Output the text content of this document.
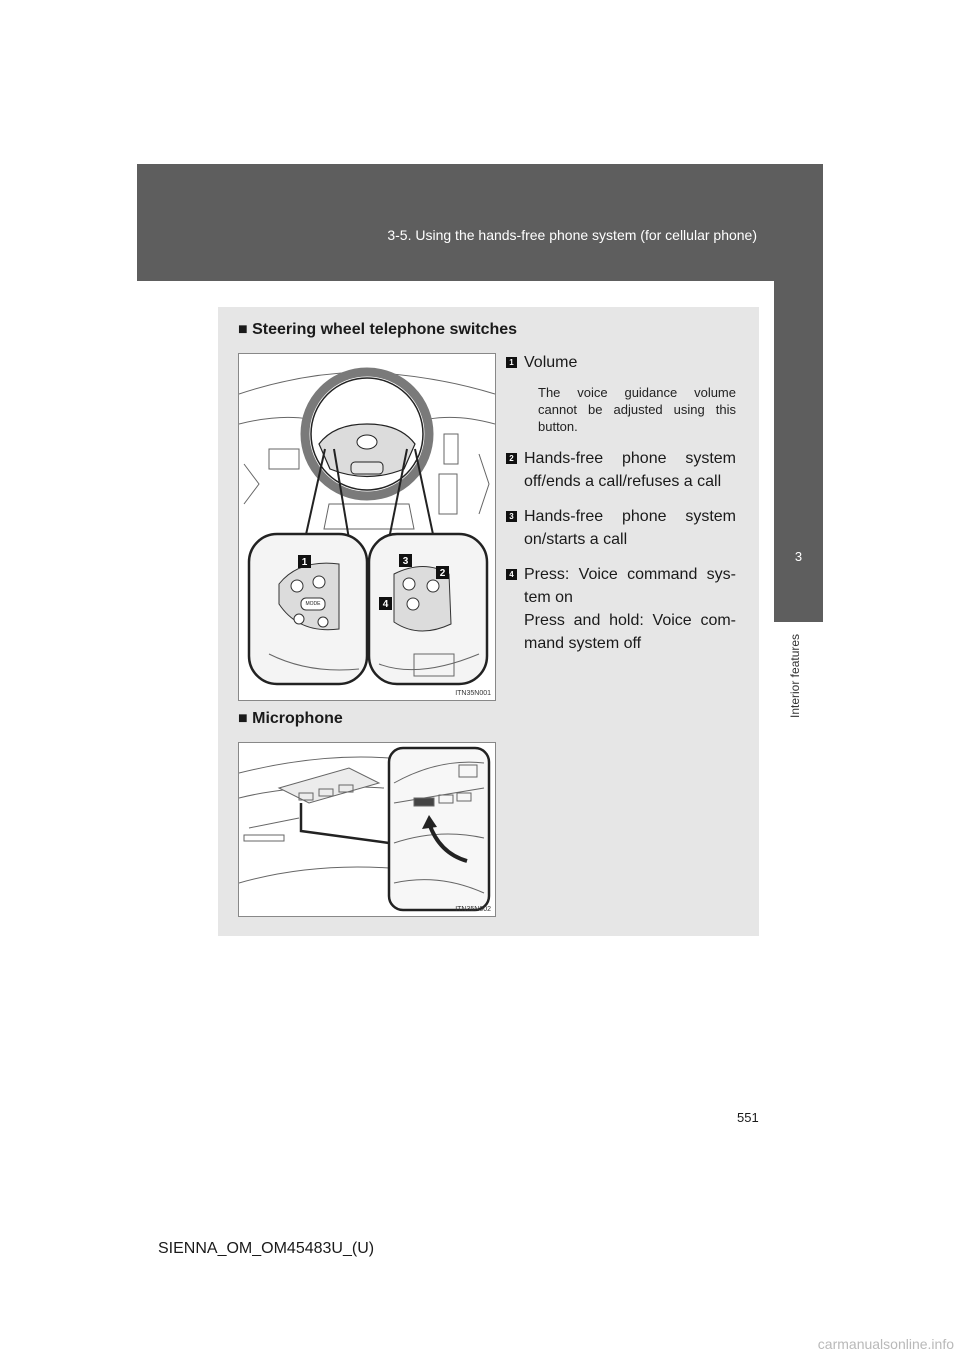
3-5. Using the hands-free phone system (for cellular phone)
3
Interior features
■ Steering wheel telephone switches
MODE
1
2
3
4
ITN35N001
1 Volume
The voice guidance volume cannot be adjusted using this button.
2 Hands-free phone system off/ends a call/refuses a call
3 Hands-free phone system on/starts a call
4 Press: Voice command sys-tem on
Press and hold: Voice com-mand system off
■ Microphone
ITN35N002
551
SIENNA_OM_OM45483U_(U)
carmanualsonline.info
